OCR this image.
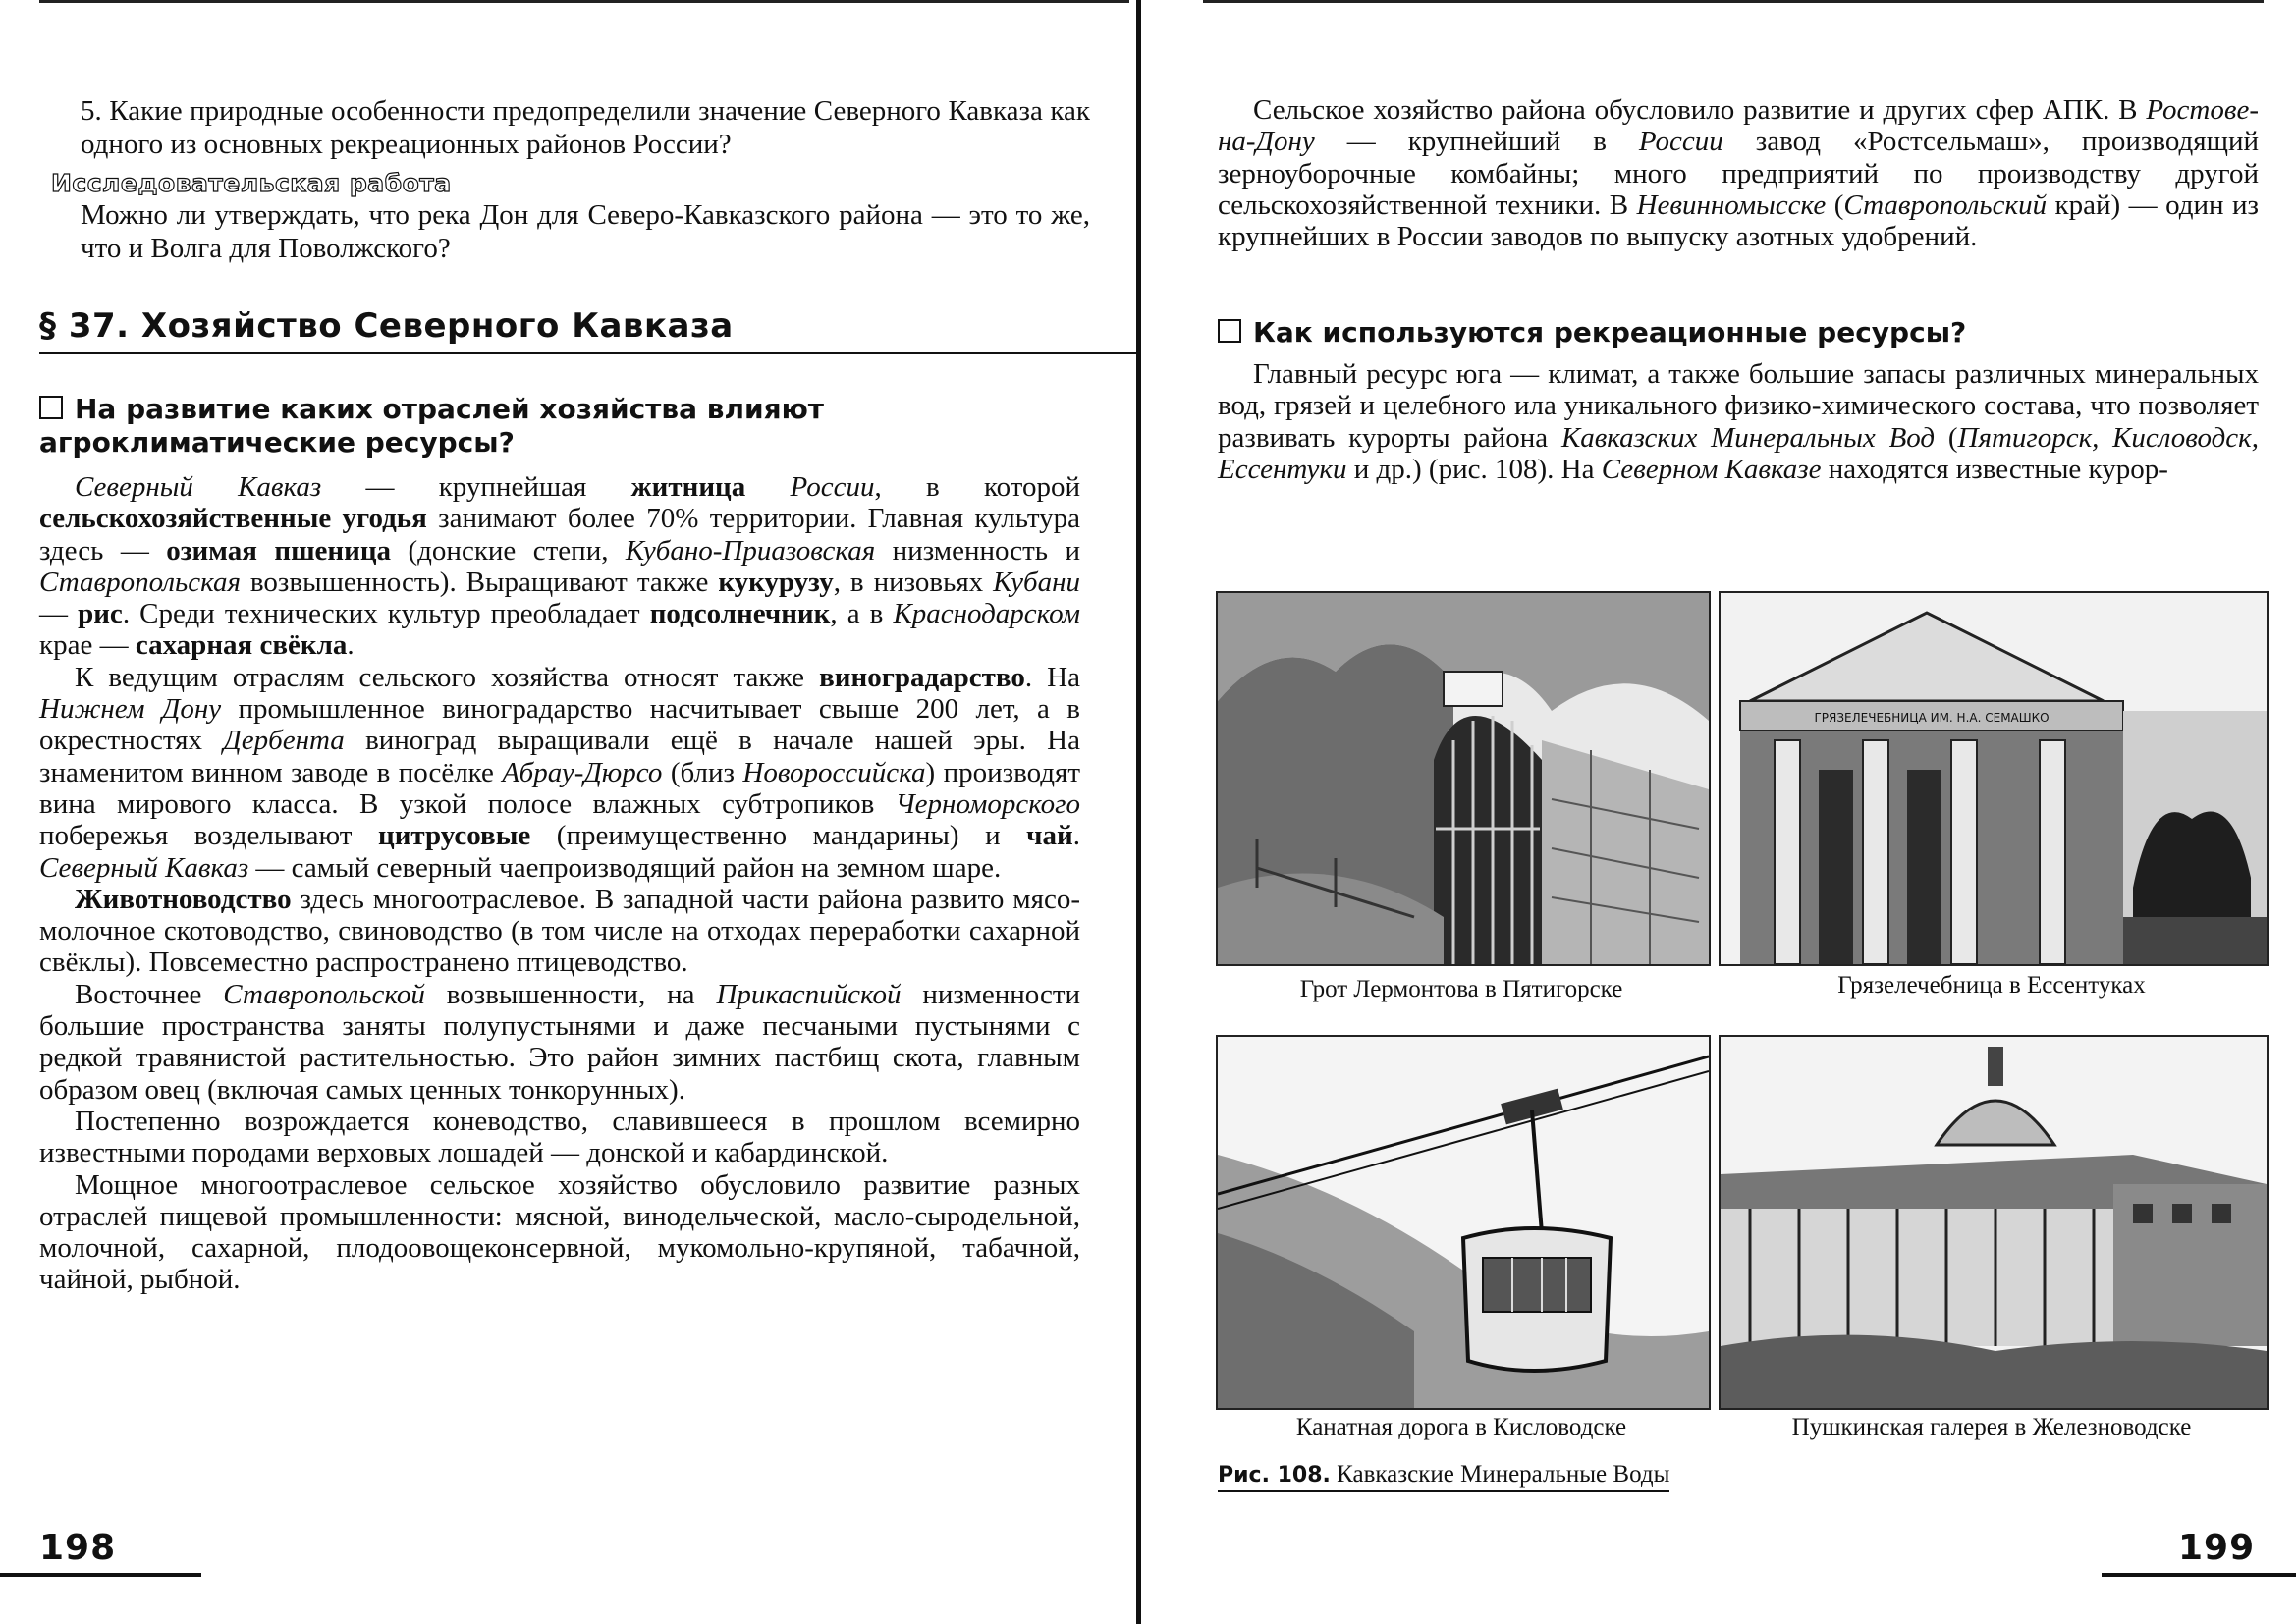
5. Какие природные особенности предопределили значение Северного Кавказа как одного из основных рекреационных районов России?
Исследовательская работа
Можно ли утверждать, что река Дон для Северо-Кавказского района — это то же, что и Волга для Поволжского?
§ 37. Хозяйство Северного Кавказа
На развитие каких отраслей хозяйства влияют агроклиматические ресурсы?

Северный Кавказ — крупнейшая житница России, в которой сельскохозяйственные угодья занимают более 70% территории. Главная культура здесь — озимая пшеница (донские степи, Кубано-Приазовская низменность и Ставропольская возвышенность). Выращивают также кукурузу, в низовьях Кубани — рис. Среди технических культур преобладает подсолнечник, а в Краснодарском крае — сахарная свёкла.

К ведущим отраслям сельского хозяйства относят также виноградарство. На Нижнем Дону промышленное виноградарство насчитывает свыше 200 лет, а в окрестностях Дербента виноград выращивали ещё в начале нашей эры. На знаменитом винном заводе в посёлке Абрау-Дюрсо (близ Новороссийска) производят вина мирового класса. В узкой полосе влажных субтропиков Черноморского побережья возделывают цитрусовые (преимущественно мандарины) и чай. Северный Кавказ — самый северный чаепроизводящий район на земном шаре.

Животноводство здесь многоотраслевое. В западной части района развито мясо-молочное скотоводство, свиноводство (в том числе на отходах переработки сахарной свёклы). Повсеместно распространено птицеводство.

Восточнее Ставропольской возвышенности, на Прикаспийской низменности большие пространства заняты полупустынями и даже песчаными пустынями с редкой травянистой растительностью. Это район зимних пастбищ скота, главным образом овец (включая самых ценных тонкорунных).

Постепенно возрождается коневодство, славившееся в прошлом всемирно известными породами верховых лошадей — донской и кабардинской.

Мощное многоотраслевое сельское хозяйство обусловило развитие разных отраслей пищевой промышленности: мясной, винодельческой, масло-сыродельной, молочной, сахарной, плодоовощеконсервной, мукомольно-крупяной, табачной, чайной, рыбной.

198

Сельское хозяйство района обусловило развитие и других сфер АПК. В Ростове-на-Дону — крупнейший в России завод «Ростсельмаш», производящий зерноуборочные комбайны; много предприятий по производству другой сельскохозяйственной техники. В Невинномысске (Ставропольский край) — один из крупнейших в России заводов по выпуску азотных удобрений.

Как используются рекреационные ресурсы?

Главный ресурс юга — климат, а также большие запасы различных минеральных вод, грязей и целебного ила уникального физико-химического состава, что позволяет развивать курорты района Кавказских Минеральных Вод (Пятигорск, Кисловодск, Ессентуки и др.) (рис. 108). На Северном Кавказе находятся известные курор-

Грот Лермонтова в Пятигорске
ГРЯЗЕЛЕЧЕБНИЦА ИМ. Н.А. СЕМАШКО
Грязелечебница в Ессентуках
Канатная дорога в Кисловодске	Пушкинская галерея в Железноводске
Рис. 108. Кавказские Минеральные Воды
199
